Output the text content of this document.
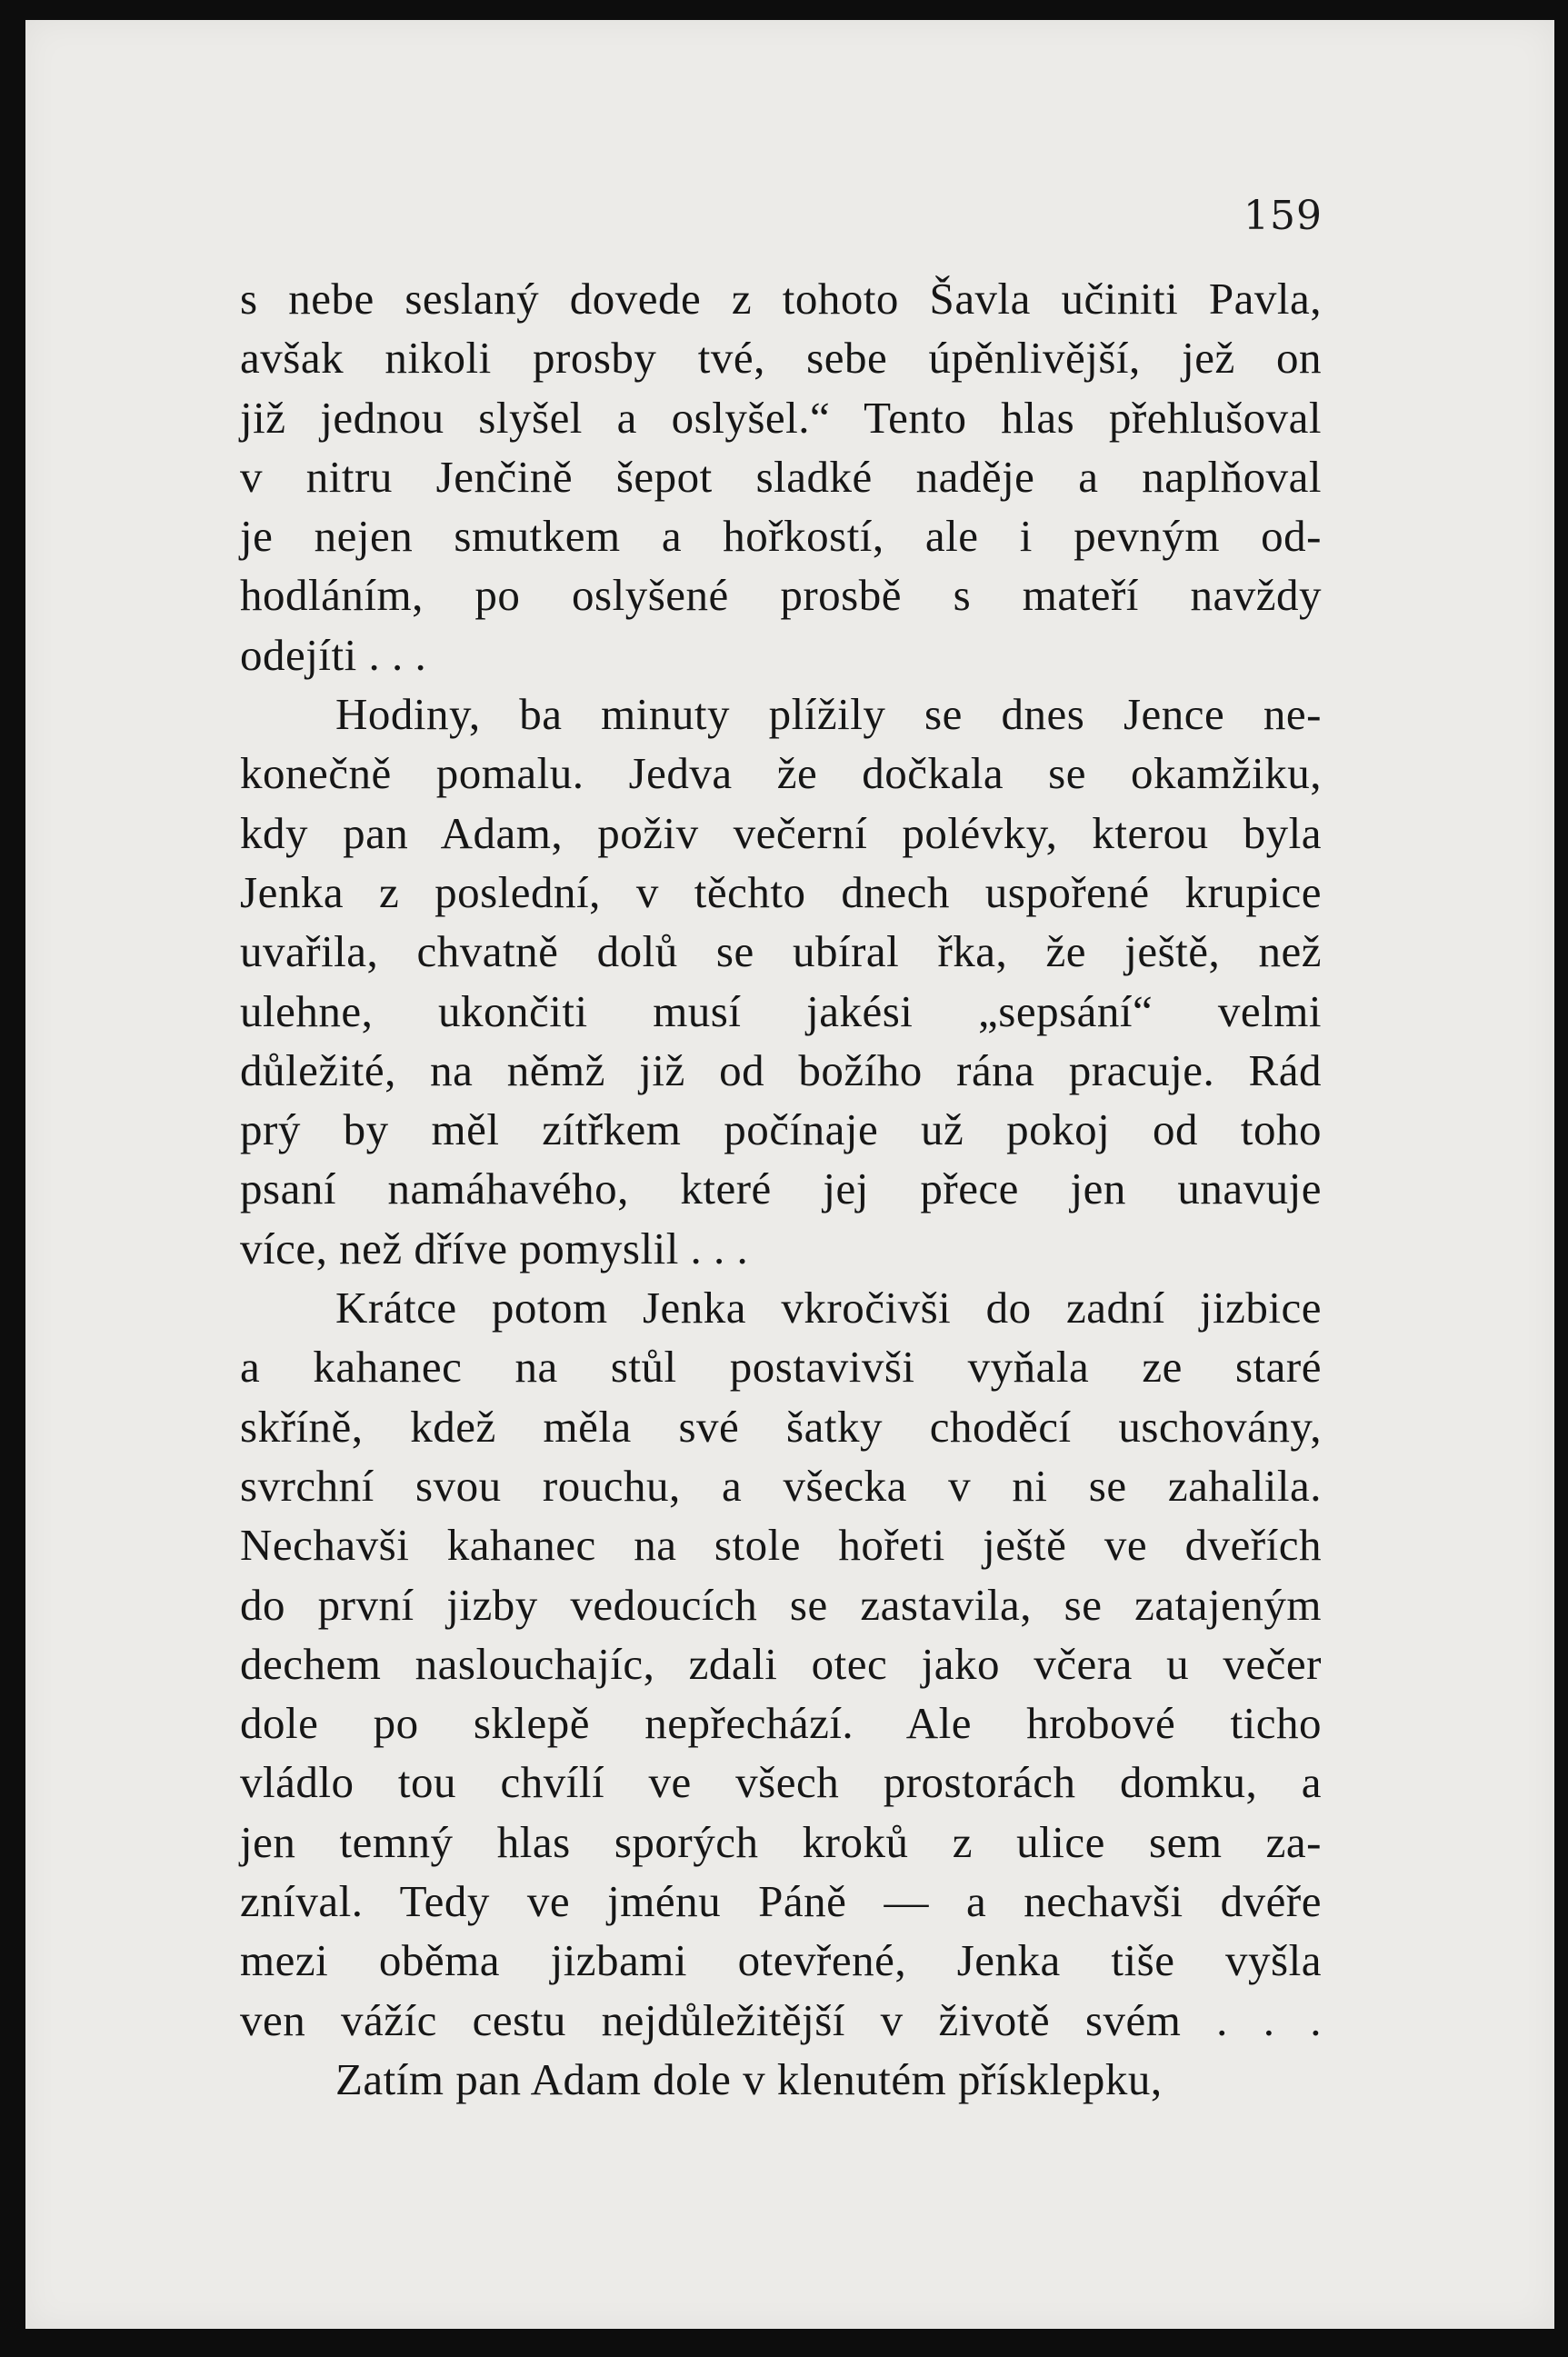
159
s nebe seslaný dovede z tohoto Šavla učiniti Pavla,
avšak nikoli prosby tvé, sebe úpěnlivější, jež on
již jednou slyšel a oslyšel.“ Tento hlas přehlušoval
v nitru Jenčině šepot sladké naděje a naplňoval
je nejen smutkem a hořkostí, ale i pevným od-
hodláním, po oslyšené prosbě s mateří navždy
odejíti . . .
Hodiny, ba minuty plížily se dnes Jence ne-
konečně pomalu. Jedva že dočkala se okamžiku,
kdy pan Adam, poživ večerní polévky, kterou byla
Jenka z poslední, v těchto dnech uspořené krupice
uvařila, chvatně dolů se ubíral řka, že ještě, než
ulehne, ukončiti musí jakési „sepsání“ velmi
důležité, na němž již od božího rána pracuje. Rád
prý by měl zítřkem počínaje už pokoj od toho
psaní namáhavého, které jej přece jen unavuje
více, než dříve pomyslil . . .
Krátce potom Jenka vkročivši do zadní jizbice
a kahanec na stůl postavivši vyňala ze staré
skříně, kdež měla své šatky choděcí uschovány,
svrchní svou rouchu, a všecka v ni se zahalila.
Nechavši kahanec na stole hořeti ještě ve dveřích
do první jizby vedoucích se zastavila, se zatajeným
dechem naslouchajíc, zdali otec jako včera u večer
dole po sklepě nepřechází. Ale hrobové ticho
vládlo tou chvílí ve všech prostorách domku, a
jen temný hlas sporých kroků z ulice sem za-
zníval. Tedy ve jménu Páně — a nechavši dvéře
mezi oběma jizbami otevřené, Jenka tiše vyšla
ven vážíc cestu nejdůležitější v životě svém . . .
Zatím pan Adam dole v klenutém přísklepku,
